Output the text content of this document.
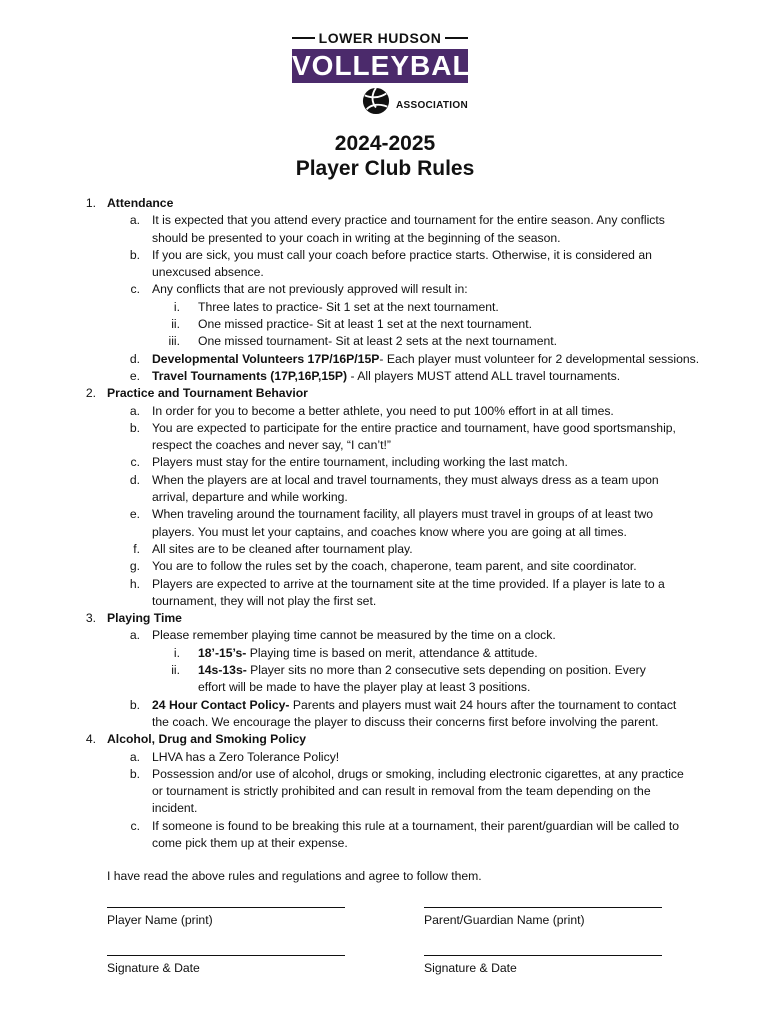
LOWER HUDSON
VOLLEYBALL
ASSOCIATION
2024-2025
Player Club Rules
1. Attendance
a. It is expected that you attend every practice and tournament for the entire season. Any conflicts
should be presented to your coach in writing at the beginning of the season.
b. If you are sick, you must call your coach before practice starts. Otherwise, it is considered an
unexcused absence.
c. Any conflicts that are not previously approved will result in:
i. Three lates to practice- Sit 1 set at the next tournament.
ii. One missed practice- Sit at least 1 set at the next tournament.
iii. One missed tournament- Sit at least 2 sets at the next tournament.
d. Developmental Volunteers 17P/16P/15P- Each player must volunteer for 2 developmental sessions.
e. Travel Tournaments (17P,16P,15P) - All players MUST attend ALL travel tournaments.
2. Practice and Tournament Behavior
a. In order for you to become a better athlete, you need to put 100% effort in at all times.
b. You are expected to participate for the entire practice and tournament, have good sportsmanship,
respect the coaches and never say, “I can’t!”
c. Players must stay for the entire tournament, including working the last match.
d. When the players are at local and travel tournaments, they must always dress as a team upon
arrival, departure and while working.
e. When traveling around the tournament facility, all players must travel in groups of at least two
players. You must let your captains, and coaches know where you are going at all times.
f. All sites are to be cleaned after tournament play.
g. You are to follow the rules set by the coach, chaperone, team parent, and site coordinator.
h. Players are expected to arrive at the tournament site at the time provided. If a player is late to a
tournament, they will not play the first set.
3. Playing Time
a. Please remember playing time cannot be measured by the time on a clock.
i. 18’-15’s- Playing time is based on merit, attendance & attitude.
ii. 14s-13s- Player sits no more than 2 consecutive sets depending on position. Every
effort will be made to have the player play at least 3 positions.
b. 24 Hour Contact Policy- Parents and players must wait 24 hours after the tournament to contact
the coach. We encourage the player to discuss their concerns first before involving the parent.
4. Alcohol, Drug and Smoking Policy
a. LHVA has a Zero Tolerance Policy!
b. Possession and/or use of alcohol, drugs or smoking, including electronic cigarettes, at any practice
or tournament is strictly prohibited and can result in removal from the team depending on the
incident.
c. If someone is found to be breaking this rule at a tournament, their parent/guardian will be called to
come pick them up at their expense.
I have read the above rules and regulations and agree to follow them.
Player Name (print)	Parent/Guardian Name (print)
Signature & Date	Signature & Date
